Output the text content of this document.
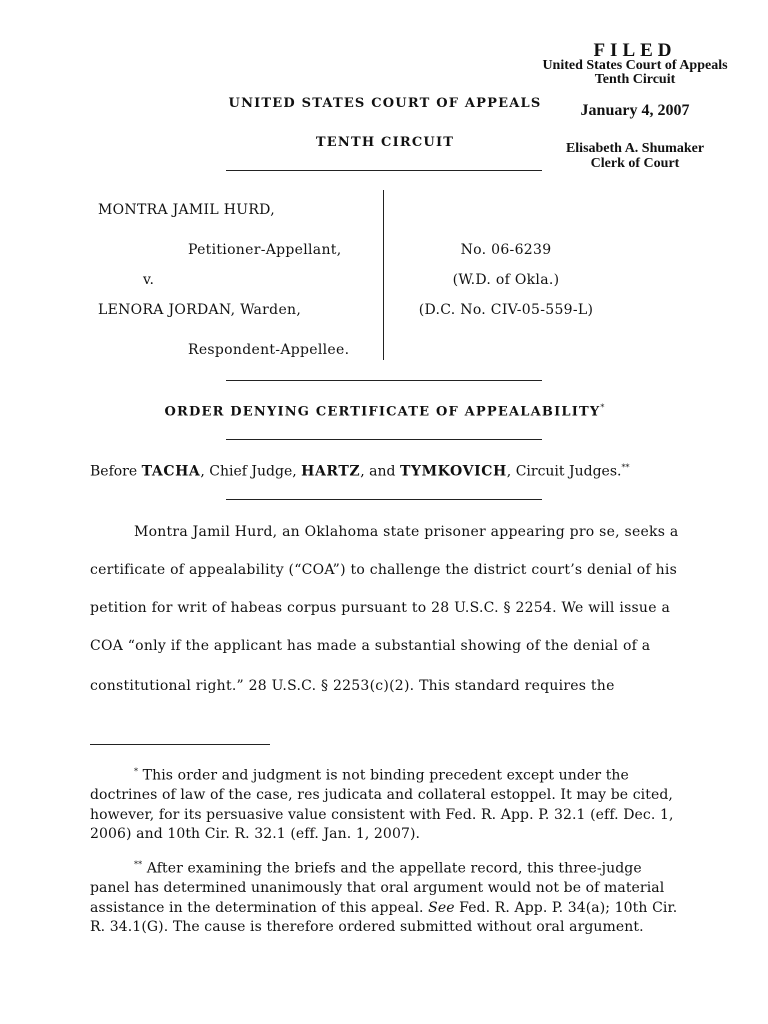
FILED
United States Court of Appeals
Tenth Circuit
January 4, 2007
Elisabeth A. Shumaker
Clerk of Court
UNITED STATES COURT OF APPEALS
TENTH CIRCUIT
MONTRA JAMIL HURD,
Petitioner-Appellant,
v.
LENORA JORDAN, Warden,
Respondent-Appellee.
No. 06-6239
(W.D. of Okla.)
(D.C. No. CIV-05-559-L)
ORDER DENYING CERTIFICATE OF APPEALABILITY*
Before TACHA, Chief Judge, HARTZ, and TYMKOVICH, Circuit Judges.**
Montra Jamil Hurd, an Oklahoma state prisoner appearing pro se, seeks a
certificate of appealability (“COA”) to challenge the district court’s denial of his
petition for writ of habeas corpus pursuant to 28 U.S.C. § 2254. We will issue a
COA “only if the applicant has made a substantial showing of the denial of a
constitutional right.” 28 U.S.C. § 2253(c)(2). This standard requires the

* This order and judgment is not binding precedent except under the doctrines of law of the case, res judicata and collateral estoppel. It may be cited, however, for its persuasive value consistent with Fed. R. App. P. 32.1 (eff. Dec. 1, 2006) and 10th Cir. R. 32.1 (eff. Jan. 1, 2007).

** After examining the briefs and the appellate record, this three-judge panel has determined unanimously that oral argument would not be of material assistance in the determination of this appeal. See Fed. R. App. P. 34(a); 10th Cir. R. 34.1(G). The cause is therefore ordered submitted without oral argument.
